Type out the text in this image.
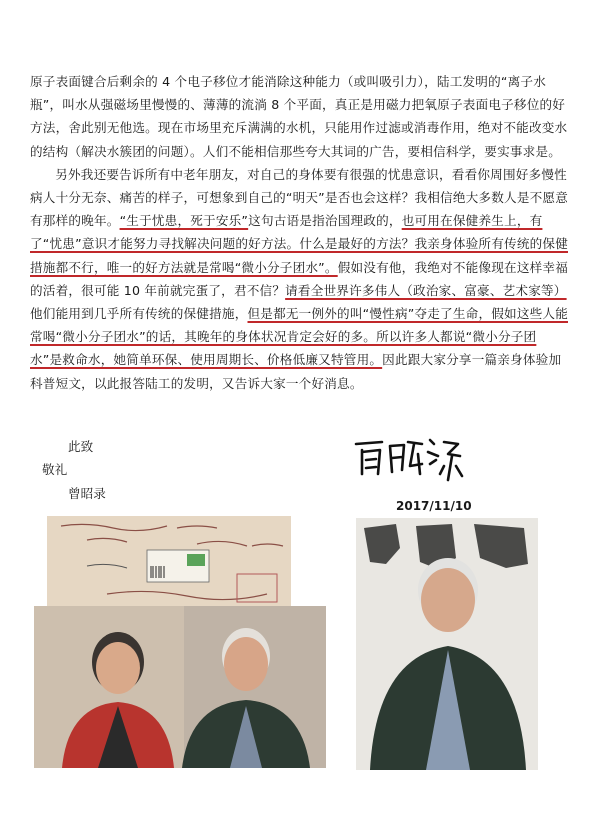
原子表面键合后剩余的 4 个电子移位才能消除这种能力（或叫吸引力），陆工发明的“离子水瓶”，叫水从强磁场里慢慢的、薄薄的流淌 8 个平面，真正是用磁力把氧原子表面电子移位的好方法，舍此别无他选。现在市场里充斥满满的水机，只能用作过滤或消毒作用，绝对不能改变水的结构（解决水簇团的问题）。人们不能相信那些夸大其词的广告，要相信科学，要实事求是。

另外我还要告诉所有中老年朋友，对自己的身体要有很强的忧患意识，看看你周围好多慢性病人十分无奈、痛苦的样子，可想象到自己的“明天”是否也会这样？我相信绝大多数人是不愿意有那样的晚年。“生于忧患，死于安乐”这句古语是指治国理政的，也可用在保健养生上，有了“忧患”意识才能努力寻找解决问题的好方法。什么是最好的方法？我亲身体验所有传统的保健措施都不行，唯一的好方法就是常喝“微小分子团水”。假如没有他，我绝对不能像现在这样幸福的活着，很可能 10 年前就完蛋了，君不信？请看全世界许多伟人（政治家、富豪、艺术家等）他们能用到几乎所有传统的保健措施，但是都无一例外的叫“慢性病”夺走了生命，假如这些人能常喝“微小分子团水”的话，其晚年的身体状况肯定会好的多。所以许多人都说“微小分子团水”是救命水，她简单环保、使用周期长、价格低廉又特管用。因此跟大家分享一篇亲身体验加科普短文，以此报答陆工的发明，又告诉大家一个好消息。

此致
敬礼
曾昭录
2017/11/10
